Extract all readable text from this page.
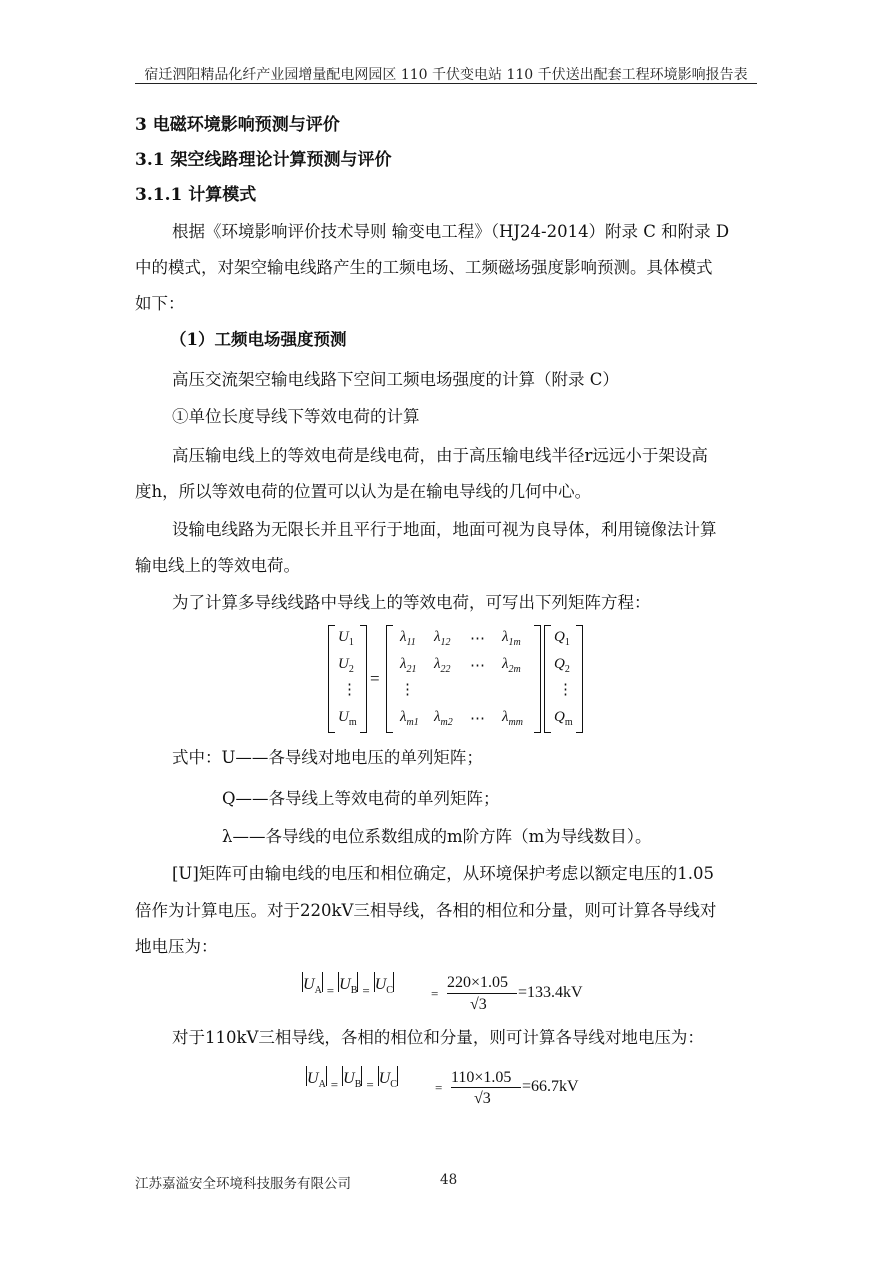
宿迁泗阳精品化纤产业园增量配电网园区 110 千伏变电站 110 千伏送出配套工程环境影响报告表
3 电磁环境影响预测与评价
3.1 架空线路理论计算预测与评价
3.1.1 计算模式
根据《环境影响评价技术导则 输变电工程》（HJ24-2014）附录 C 和附录 D
中的模式，对架空输电线路产生的工频电场、工频磁场强度影响预测。具体模式
如下：
（1）工频电场强度预测
高压交流架空输电线路下空间工频电场强度的计算（附录 C）
①单位长度导线下等效电荷的计算
高压输电线上的等效电荷是线电荷，由于高压输电线半径r远远小于架设高
度h，所以等效电荷的位置可以认为是在输电导线的几何中心。
设输电线路为无限长并且平行于地面，地面可视为良导体，利用镜像法计算
输电线上的等效电荷。
为了计算多导线线路中导线上的等效电荷，可写出下列矩阵方程：
$U_1$
$U_2$
⋮
$U_m$
=
$\lambda_{11}$ $\lambda_{12}$ ⋯ $\lambda_{1m}$
$\lambda_{21}$ $\lambda_{22}$ ⋯ $\lambda_{2m}$
⋮
$\lambda_{m1}$ $\lambda_{m2}$ ⋯ $\lambda_{mm}$
$Q_1$
$Q_2$
⋮
$Q_m$
式中：U——各导线对地电压的单列矩阵；
Q——各导线上等效电荷的单列矩阵；
λ——各导线的电位系数组成的m阶方阵（m为导线数目）。
[U]矩阵可由输电线的电压和相位确定，从环境保护考虑以额定电压的1.05
倍作为计算电压。对于220kV三相导线，各相的相位和分量，则可计算各导线对
地电压为：
$U_A$ $_=$ $U_B$ $_=$ $U_C$	=
220×1.05
√3
=133.4kV
对于110kV三相导线，各相的相位和分量，则可计算各导线对地电压为：
$U_A$ $_=$ $U_B$ $_=$ $U_C$	=
110×1.05
√3
=66.7kV
江苏嘉溢安全环境科技服务有限公司	48
